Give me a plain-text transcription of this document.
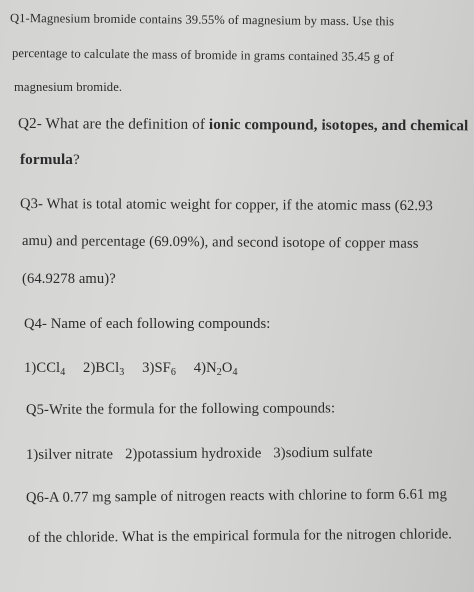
Q1-Magnesium bromide contains 39.55% of magnesium by mass. Use this
percentage to calculate the mass of bromide in grams contained 35.45 g of
magnesium bromide.
Q2- What are the definition of ionic compound, isotopes, and chemical
formula?
Q3- What is total atomic weight for copper, if the atomic mass (62.93
amu) and percentage (69.09%), and second isotope of copper mass
(64.9278 amu)?
Q4- Name of each following compounds:
1)CCl$_4$ 2)BCl$_3$ $3)SF_6$ $4)N_2O_4$
Q5-Write the formula for the following compounds:
1)silver nitrate 2)potassium hydroxide 3)sodium sulfate
Q6-A 0.77 mg sample of nitrogen reacts with chlorine to form 6.61 mg
of the chloride. What is the empirical formula for the nitrogen chloride.
